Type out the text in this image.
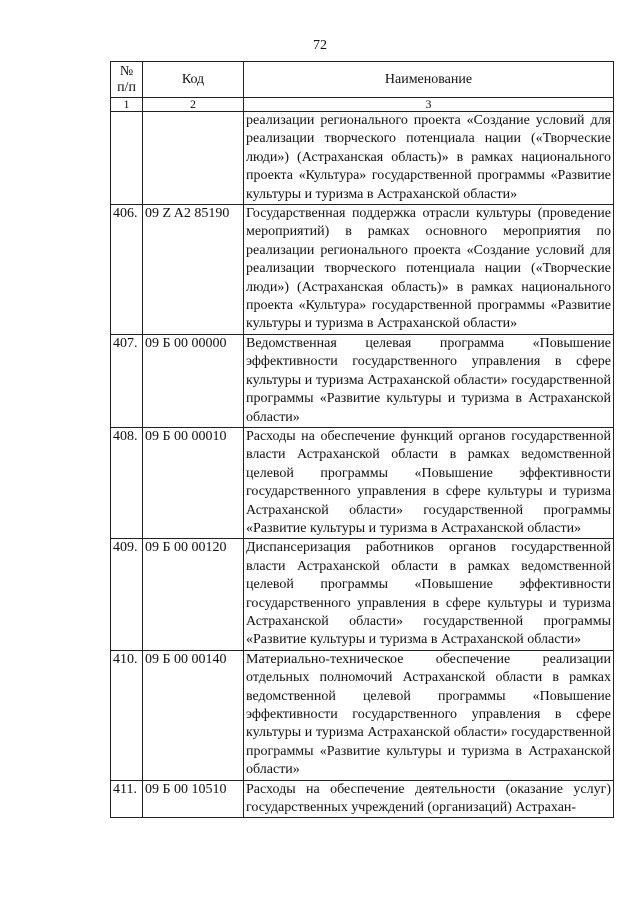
72
№ п/п	Код	Наименование
1	2	3
		реализации регионального проекта «Создание условий для реализации творческого потенциала нации («Творческие люди») (Астраханская область)» в рамках национального проекта «Культура» государственной программы «Развитие культуры и туризма в Астраханской области»
406.	09 Z A2 85190	Государственная поддержка отрасли культуры (проведение мероприятий) в рамках основного мероприятия по реализации регионального проекта «Создание условий для реализации творческого потенциала нации («Творческие люди») (Астраханская область)» в рамках национального проекта «Культура» государственной программы «Развитие культуры и туризма в Астраханской области»
407.	09 Б 00 00000	Ведомственная целевая программа «Повышение эффективности государственного управления в сфере культуры и туризма Астраханской области» государственной программы «Развитие культуры и туризма в Астраханской области»
408.	09 Б 00 00010	Расходы на обеспечение функций органов государственной власти Астраханской области в рамках ведомственной целевой программы «Повышение эффективности государственного управления в сфере культуры и туризма Астраханской области» государственной программы «Развитие культуры и туризма в Астраханской области»
409.	09 Б 00 00120	Диспансеризация работников органов государственной власти Астраханской области в рамках ведомственной целевой программы «Повышение эффективности государственного управления в сфере культуры и туризма Астраханской области» государственной программы «Развитие культуры и туризма в Астраханской области»
410.	09 Б 00 00140	Материально-техническое обеспечение реализации отдельных полномочий Астраханской области в рамках ведомственной целевой программы «Повышение эффективности государственного управления в сфере культуры и туризма Астраханской области» государственной программы «Развитие культуры и туризма в Астраханской области»
411.	09 Б 00 10510	Расходы на обеспечение деятельности (оказание услуг) государственных учреждений (организаций) Астрахан-
